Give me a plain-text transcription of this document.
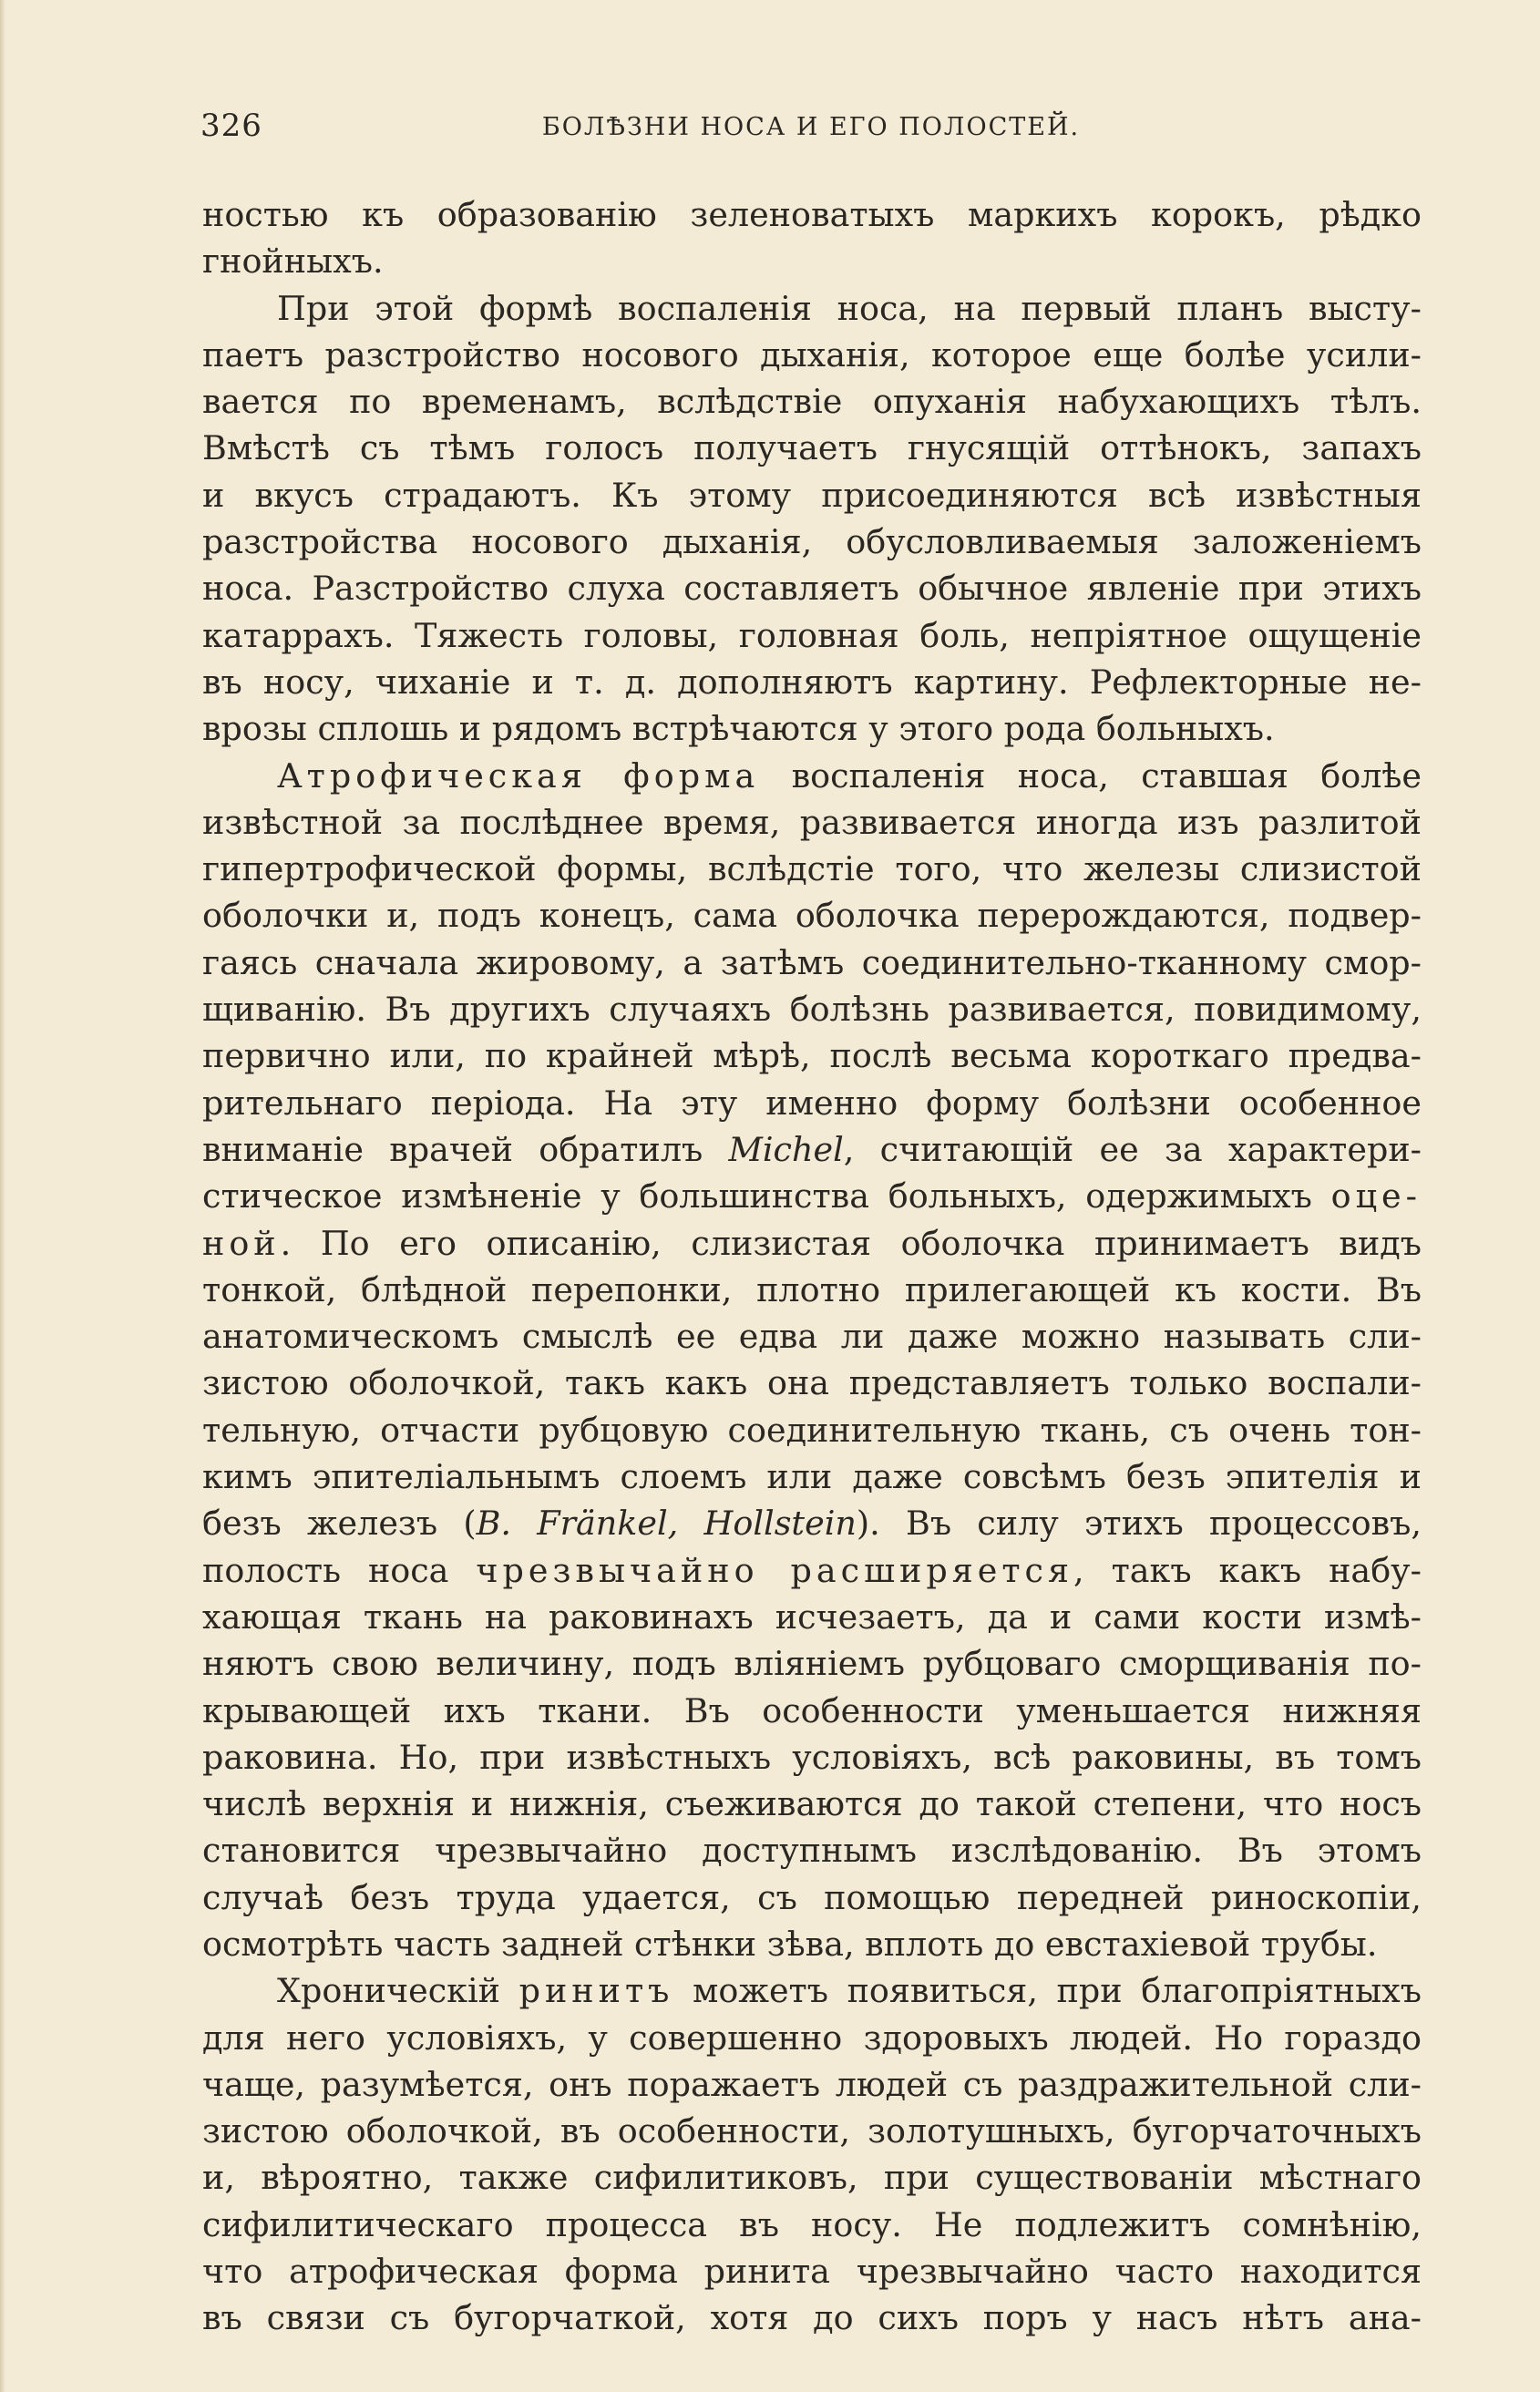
326	БОЛѢЗНИ НОСА И ЕГО ПОЛОСТЕЙ.
ностью къ образованію зеленоватыхъ маркихъ корокъ, рѣдко
гнойныхъ.
При этой формѣ воспаленія носа, на первый планъ высту-
паетъ разстройство носового дыханія, которое еще болѣе усили-
вается по временамъ, вслѣдствіе опуханія набухающихъ тѣлъ.
Вмѣстѣ съ тѣмъ голосъ получаетъ гнусящій оттѣнокъ, запахъ
и вкусъ страдаютъ. Къ этому присоединяются всѣ извѣстныя
разстройства носового дыханія, обусловливаемыя заложеніемъ
носа. Разстройство слуха составляетъ обычное явленіе при этихъ
катаррахъ. Тяжесть головы, головная боль, непріятное ощущеніе
въ носу, чиханіе и т. д. дополняютъ картину. Рефлекторные не-
врозы сплошь и рядомъ встрѣчаются у этого рода больныхъ.
Атрофическая форма воспаленія носа, ставшая болѣе
извѣстной за послѣднее время, развивается иногда изъ разлитой
гипертрофической формы, вслѣдстіе того, что железы слизистой
оболочки и, подъ конецъ, сама оболочка перерождаются, подвер-
гаясь сначала жировому, а затѣмъ соединительно-тканному смор-
щиванію. Въ другихъ случаяхъ болѣзнь развивается, повидимому,
первично или, по крайней мѣрѣ, послѣ весьма короткаго предва-
рительнаго періода. На эту именно форму болѣзни особенное
вниманіе врачей обратилъ Michel, считающій ее за характери-
стическое измѣненіе у большинства больныхъ, одержимыхъ оце-
ной. По его описанію, слизистая оболочка принимаетъ видъ
тонкой, блѣдной перепонки, плотно прилегающей къ кости. Въ
анатомическомъ смыслѣ ее едва ли даже можно называть сли-
зистою оболочкой, такъ какъ она представляетъ только воспали-
тельную, отчасти рубцовую соединительную ткань, съ очень тон-
кимъ эпителіальнымъ слоемъ или даже совсѣмъ безъ эпителія и
безъ железъ (B. Fränkel, Hollstein). Въ силу этихъ процессовъ,
полость носа чрезвычайно расширяется, такъ какъ набу-
хающая ткань на раковинахъ исчезаетъ, да и сами кости измѣ-
няютъ свою величину, подъ вліяніемъ рубцоваго сморщиванія по-
крывающей ихъ ткани. Въ особенности уменьшается нижняя
раковина. Но, при извѣстныхъ условіяхъ, всѣ раковины, въ томъ
числѣ верхнія и нижнія, съеживаются до такой степени, что носъ
становится чрезвычайно доступнымъ изслѣдованію. Въ этомъ
случаѣ безъ труда удается, съ помощью передней риноскопіи,
осмотрѣть часть задней стѣнки зѣва, вплоть до евстахіевой трубы.
Хроническій ринитъ можетъ появиться, при благопріятныхъ
для него условіяхъ, у совершенно здоровыхъ людей. Но гораздо
чаще, разумѣется, онъ поражаетъ людей съ раздражительной сли-
зистою оболочкой, въ особенности, золотушныхъ, бугорчаточныхъ
и, вѣроятно, также сифилитиковъ, при существованіи мѣстнаго
сифилитическаго процесса въ носу. Не подлежитъ сомнѣнію,
что атрофическая форма ринита чрезвычайно часто находится
въ связи съ бугорчаткой, хотя до сихъ поръ у насъ нѣтъ ана-
